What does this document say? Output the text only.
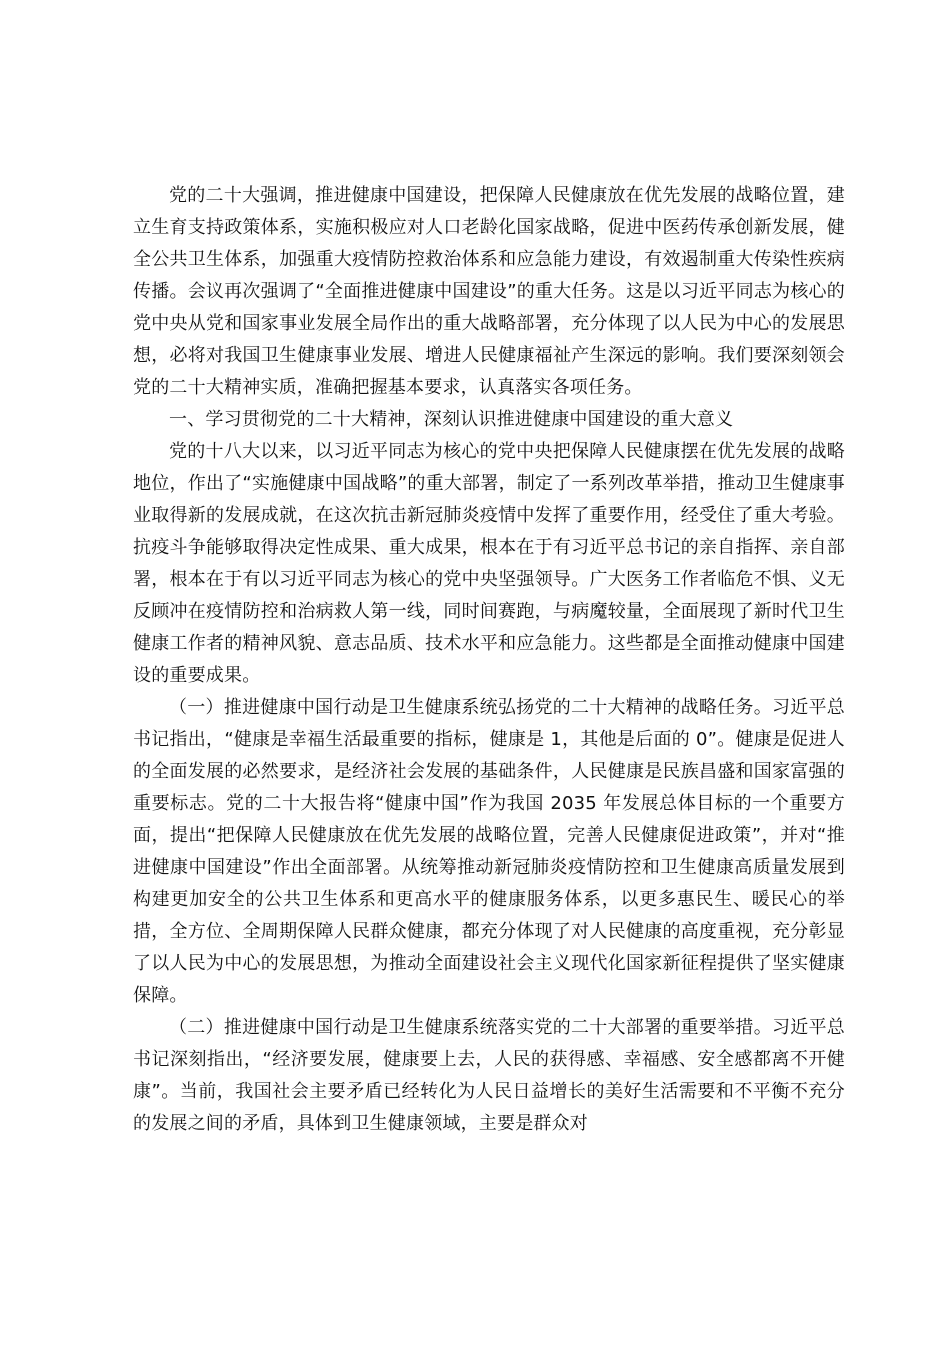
党的二十大强调，推进健康中国建设，把保障人民健康放在优先发展的战略位置，建立生育支持政策体系，实施积极应对人口老龄化国家战略，促进中医药传承创新发展，健全公共卫生体系，加强重大疫情防控救治体系和应急能力建设，有效遏制重大传染性疾病传播。会议再次强调了“全面推进健康中国建设”的重大任务。这是以习近平同志为核心的党中央从党和国家事业发展全局作出的重大战略部署，充分体现了以人民为中心的发展思想，必将对我国卫生健康事业发展、增进人民健康福祉产生深远的影响。我们要深刻领会党的二十大精神实质，准确把握基本要求，认真落实各项任务。

一、学习贯彻党的二十大精神，深刻认识推进健康中国建设的重大意义

党的十八大以来，以习近平同志为核心的党中央把保障人民健康摆在优先发展的战略地位，作出了“实施健康中国战略”的重大部署，制定了一系列改革举措，推动卫生健康事业取得新的发展成就，在这次抗击新冠肺炎疫情中发挥了重要作用，经受住了重大考验。抗疫斗争能够取得决定性成果、重大成果，根本在于有习近平总书记的亲自指挥、亲自部署，根本在于有以习近平同志为核心的党中央坚强领导。广大医务工作者临危不惧、义无反顾冲在疫情防控和治病救人第一线，同时间赛跑，与病魔较量，全面展现了新时代卫生健康工作者的精神风貌、意志品质、技术水平和应急能力。这些都是全面推动健康中国建设的重要成果。

（一）推进健康中国行动是卫生健康系统弘扬党的二十大精神的战略任务。习近平总书记指出，“健康是幸福生活最重要的指标，健康是 1，其他是后面的 0”。健康是促进人的全面发展的必然要求，是经济社会发展的基础条件，人民健康是民族昌盛和国家富强的重要标志。党的二十大报告将“健康中国”作为我国 2035 年发展总体目标的一个重要方面，提出“把保障人民健康放在优先发展的战略位置，完善人民健康促进政策”，并对“推进健康中国建设”作出全面部署。从统筹推动新冠肺炎疫情防控和卫生健康高质量发展到构建更加安全的公共卫生体系和更高水平的健康服务体系，以更多惠民生、暖民心的举措，全方位、全周期保障人民群众健康，都充分体现了对人民健康的高度重视，充分彰显了以人民为中心的发展思想，为推动全面建设社会主义现代化国家新征程提供了坚实健康保障。

（二）推进健康中国行动是卫生健康系统落实党的二十大部署的重要举措。习近平总书记深刻指出，“经济要发展，健康要上去，人民的获得感、幸福感、安全感都离不开健康”。当前，我国社会主要矛盾已经转化为人民日益增长的美好生活需要和不平衡不充分的发展之间的矛盾，具体到卫生健康领域，主要是群众对
